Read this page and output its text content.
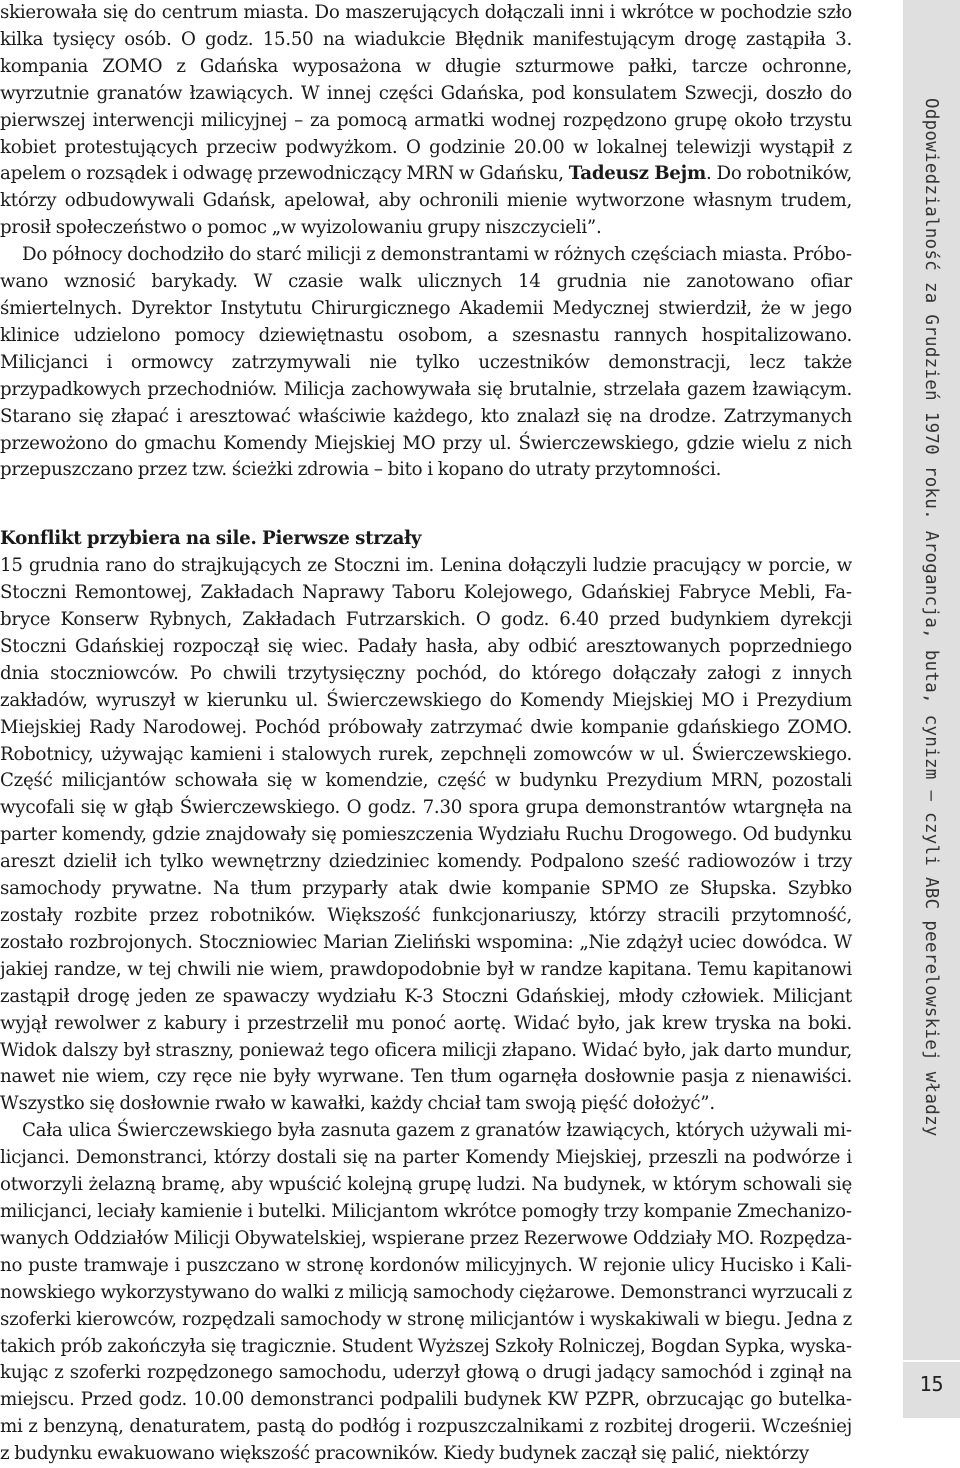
skierowała się do centrum miasta. Do maszerujących dołączali inni i wkrótce w pochodzie szło kilka tysięcy osób. O godz. 15.50 na wiadukcie Błędnik manifestującym drogę zastąpiła 3. kompania ZOMO z Gdańska wyposażona w długie szturmowe pałki, tarcze ochronne, wyrzutnie granatów łzawiących. W innej części Gdańska, pod konsulatem Szwecji, doszło do pierwszej interwencji milicyjnej – za pomocą armatki wodnej rozpędzono grupę około trzystu kobiet protestujących przeciw podwyżkom. O godzinie 20.00 w lokalnej telewizji wystąpił z apelem o rozsądek i odwagę przewodniczący MRN w Gdańsku, Tadeusz Bejm. Do robotników, którzy odbudowywali Gdańsk, apelował, aby ochronili mienie wytworzone własnym trudem, prosił społeczeństwo o pomoc „w wyizolowaniu grupy niszczycieli”.

Do północy dochodziło do starć milicji z demonstrantami w różnych częściach miasta. Próbowano wznosić barykady. W czasie walk ulicznych 14 grudnia nie zanotowano ofiar śmiertelnych. Dyrektor Instytutu Chirurgicznego Akademii Medycznej stwierdził, że w jego klinice udzielono pomocy dziewiętnastu osobom, a szesnastu rannych hospitalizowano. Milicjanci i ormowcy zatrzymywali nie tylko uczestników demonstracji, lecz także przypadkowych przechodniów. Milicja zachowywała się brutalnie, strzelała gazem łzawiącym. Starano się złapać i aresztować właściwie każdego, kto znalazł się na drodze. Zatrzymanych przewożono do gmachu Komendy Miejskiej MO przy ul. Świerczewskiego, gdzie wielu z nich przepuszczano przez tzw. ścieżki zdrowia – bito i kopano do utraty przytomności.

Konflikt przybiera na sile. Pierwsze strzały

15 grudnia rano do strajkujących ze Stoczni im. Lenina dołączyli ludzie pracujący w porcie, w Stoczni Remontowej, Zakładach Naprawy Taboru Kolejowego, Gdańskiej Fabryce Mebli, Fabryce Konserw Rybnych, Zakładach Futrzarskich. O godz. 6.40 przed budynkiem dyrekcji Stoczni Gdańskiej rozpoczął się wiec. Padały hasła, aby odbić aresztowanych poprzedniego dnia stoczniowców. Po chwili trzytysięczny pochód, do którego dołączały załogi z innych zakładów, wyruszył w kierunku ul. Świerczewskiego do Komendy Miejskiej MO i Prezydium Miejskiej Rady Narodowej. Pochód próbowały zatrzymać dwie kompanie gdańskiego ZOMO. Robotnicy, używając kamieni i stalowych rurek, zepchnęli zomowców w ul. Świerczewskiego. Część milicjantów schowała się w komendzie, część w budynku Prezydium MRN, pozostali wycofali się w głąb Świerczewskiego. O godz. 7.30 spora grupa demonstrantów wtargnęła na parter komendy, gdzie znajdowały się pomieszczenia Wydziału Ruchu Drogowego. Od budynku areszt dzielił ich tylko wewnętrzny dziedziniec komendy. Podpalono sześć radiowozów i trzy samochody prywatne. Na tłum przyparły atak dwie kompanie SPMO ze Słupska. Szybko zostały rozbite przez robotników. Większość funkcjonariuszy, którzy stracili przytomność, zostało rozbrojonych. Stoczniowiec Marian Zieliński wspomina: „Nie zdążył uciec dowódca. W jakiej randze, w tej chwili nie wiem, prawdopodobnie był w randze kapitana. Temu kapitanowi zastąpił drogę jeden ze spawaczy wydziału K-3 Stoczni Gdańskiej, młody człowiek. Milicjant wyjął rewolwer z kabury i przestrzelił mu ponoć aortę. Widać było, jak krew tryska na boki. Widok dalszy był straszny, ponieważ tego oficera milicji złapano. Widać było, jak darto mundur, nawet nie wiem, czy ręce nie były wyrwane. Ten tłum ogarnęła dosłownie pasja z nienawiści. Wszystko się dosłownie rwało w kawałki, każdy chciał tam swoją pięść dołożyć”.

Cała ulica Świerczewskiego była zasnuta gazem z granatów łzawiących, których używali milicjanci. Demonstranci, którzy dostali się na parter Komendy Miejskiej, przeszli na podwórze i otworzyli żelazną bramę, aby wpuścić kolejną grupę ludzi. Na budynek, w którym schowali się milicjanci, leciały kamienie i butelki. Milicjantom wkrótce pomogły trzy kompanie Zmechanizowanych Oddziałów Milicji Obywatelskiej, wspierane przez Rezerwowe Oddziały MO. Rozpędzano puste tramwaje i puszczano w stronę kordonów milicyjnych. W rejonie ulicy Hucisko i Kalinowskiego wykorzystywano do walki z milicją samochody ciężarowe. Demonstranci wyrzucali z szoferki kierowców, rozpędzali samochody w stronę milicjantów i wyskakiwali w biegu. Jedna z takich prób zakończyła się tragicznie. Student Wyższej Szkoły Rolniczej, Bogdan Sypka, wyskakując z szoferki rozpędzonego samochodu, uderzył głową o drugi jadący samochód i zginął na miejscu. Przed godz. 10.00 demonstranci podpalili budynek KW PZPR, obrzucając go butelkami z benzyną, denaturatem, pastą do podłóg i rozpuszczalnikami z rozbitej drogerii. Wcześniej z budynku ewakuowano większość pracowników. Kiedy budynek zaczął się palić, niektórzy

Odpowiedzialność za Grudzień 1970 roku. Arogancja, buta, cynizm – czyli ABC peerelowskiej władzy
15
